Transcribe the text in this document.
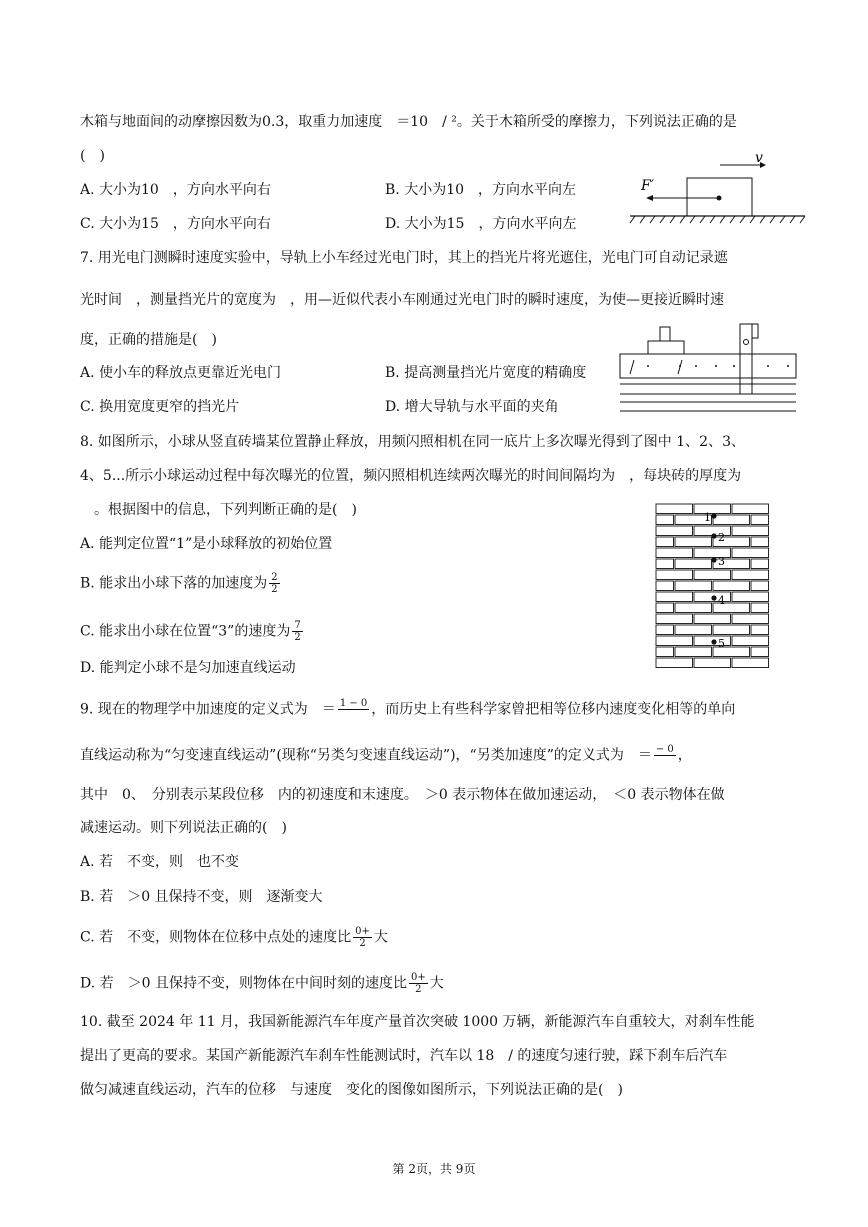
木箱与地面间的动摩擦因数为0.3，取重力加速度　＝10　/ ²。关于木箱所受的摩擦力，下列说法正确的是
(　)
A. 大小为10　，方向水平向右	B. 大小为10　，方向水平向左
C. 大小为15　，方向水平向右	D. 大小为15　，方向水平向左
v
F′
7. 用光电门测瞬时速度实验中，导轨上小车经过光电门时，其上的挡光片将光遮住，光电门可自动记录遮
光时间　，测量挡光片的宽度为　，用—近似代表小车刚通过光电门时的瞬时速度，为使—更接近瞬时速
度，正确的措施是(　)
A. 使小车的释放点更靠近光电门	B. 提高测量挡光片宽度的精确度
C. 换用宽度更窄的挡光片	D. 增大导轨与水平面的夹角
8. 如图所示，小球从竖直砖墙某位置静止释放，用频闪照相机在同一底片上多次曝光得到了图中 1、2、3、
4、5...所示小球运动过程中每次曝光的位置，频闪照相机连续两次曝光的时间间隔均为　，每块砖的厚度为
　。根据图中的信息，下列判断正确的是(　)
A. 能判定位置“1”是小球释放的初始位置
B. 能求出小球下落的加速度为 $\frac{2}{2}$
C. 能求出小球在位置“3”的速度为 $\frac{7}{2}$
D. 能判定小球不是匀加速直线运动
1
2
3
4
5
9. 现在的物理学中加速度的定义式为　＝ 1 − 0
，而历史上有些科学家曾把相等位移内速度变化相等的单向
直线运动称为“匀变速直线运动”(现称“另类匀变速直线运动”)，“另类加速度”的定义式为　＝ − 0
，
其中　0、　分别表示某段位移　内的初速度和末速度。　＞0 表示物体在做加速运动，　＜0 表示物体在做
减速运动。则下列说法正确的(　)
A. 若　不变，则　也不变
B. 若　＞0 且保持不变，则　逐渐变大
C. 若　不变，则物体在位移中点处的速度比 $\frac{0+}{2}$ 大
D. 若　＞0 且保持不变，则物体在中间时刻的速度比 $\frac{0+}{2}$ 大
10. 截至 2024 年 11 月，我国新能源汽车年度产量首次突破 1000 万辆，新能源汽车自重较大，对刹车性能
提出了更高的要求。某国产新能源汽车刹车性能测试时，汽车以 18　/ 的速度匀速行驶，踩下刹车后汽车
做匀减速直线运动，汽车的位移　与速度　变化的图像如图所示，下列说法正确的是(　)
第 2页，共 9页
